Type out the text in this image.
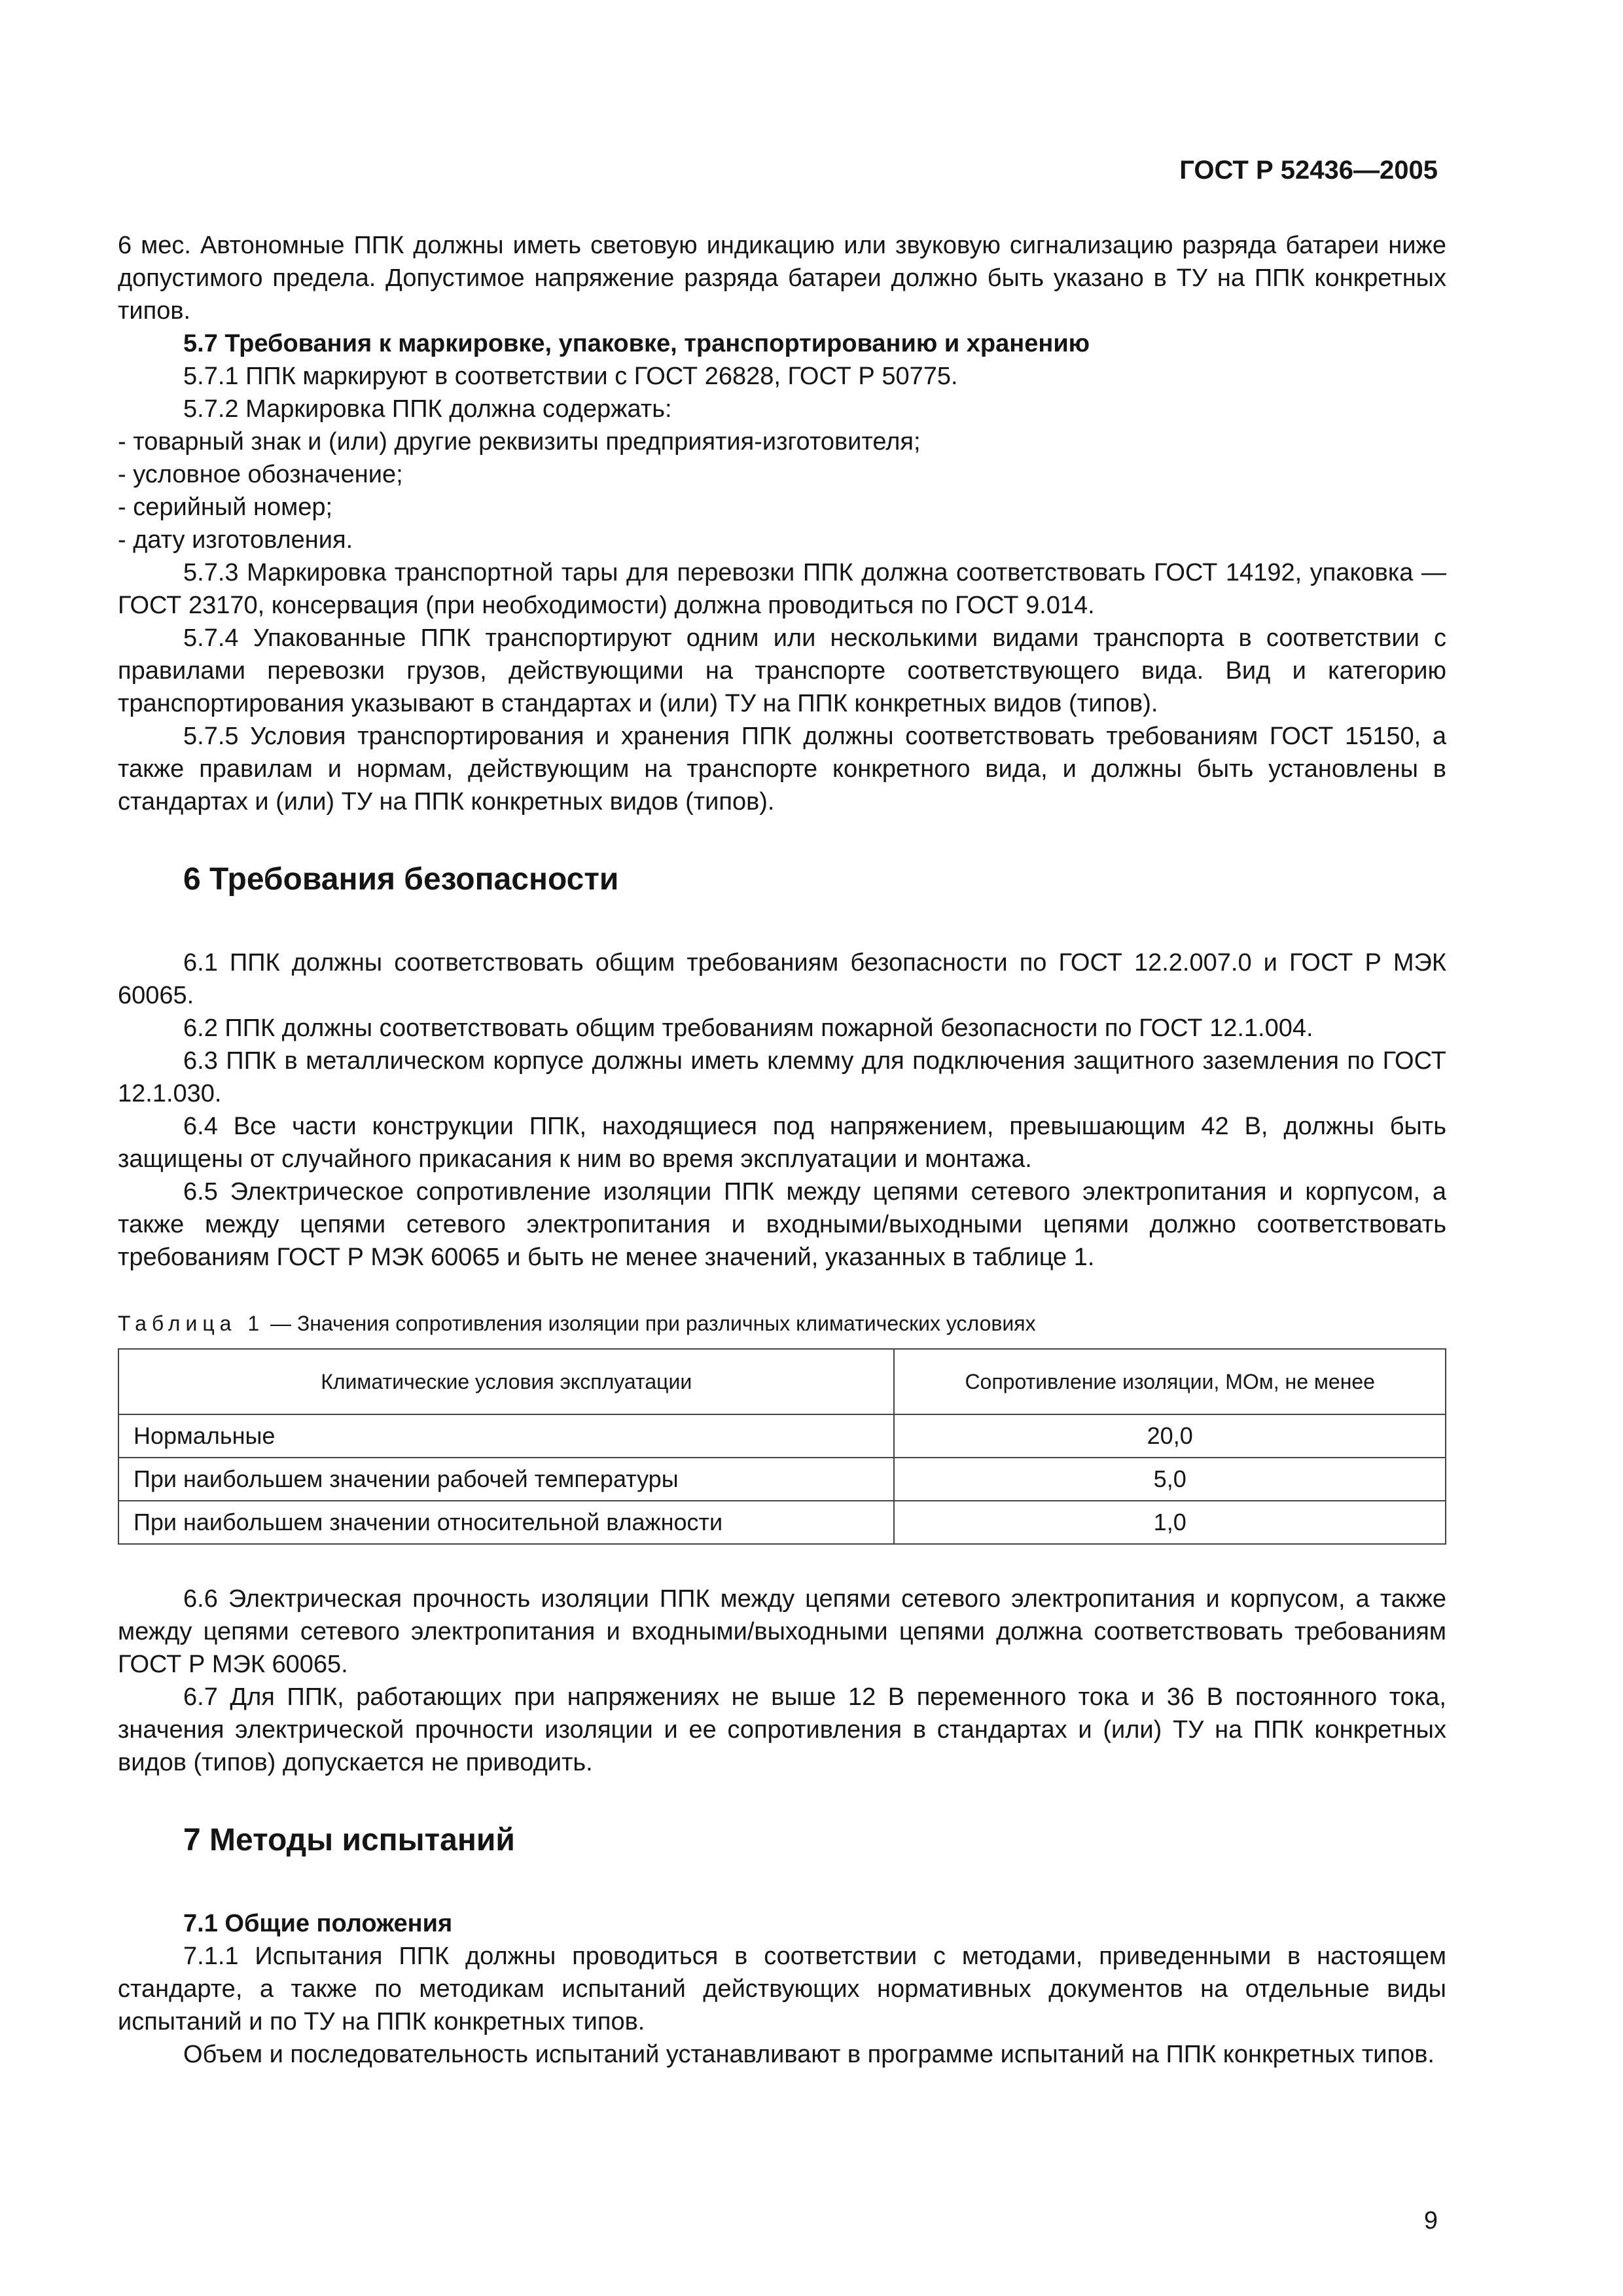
ГОСТ Р 52436—2005

6 мес. Автономные ППК должны иметь световую индикацию или звуковую сигнализацию разряда батареи ниже допустимого предела. Допустимое напряжение разряда батареи должно быть указано в ТУ на ППК конкретных типов.

5.7 Требования к маркировке, упаковке, транспортированию и хранению

5.7.1 ППК маркируют в соответствии с ГОСТ 26828, ГОСТ Р 50775.

5.7.2 Маркировка ППК должна содержать:

- товарный знак и (или) другие реквизиты предприятия-изготовителя;

- условное обозначение;

- серийный номер;

- дату изготовления.

5.7.3 Маркировка транспортной тары для перевозки ППК должна соответствовать ГОСТ 14192, упаковка — ГОСТ 23170, консервация (при необходимости) должна проводиться по ГОСТ 9.014.

5.7.4 Упакованные ППК транспортируют одним или несколькими видами транспорта в соответствии с правилами перевозки грузов, действующими на транспорте соответствующего вида. Вид и категорию транспортирования указывают в стандартах и (или) ТУ на ППК конкретных видов (типов).

5.7.5 Условия транспортирования и хранения ППК должны соответствовать требованиям ГОСТ 15150, а также правилам и нормам, действующим на транспорте конкретного вида, и должны быть установлены в стандартах и (или) ТУ на ППК конкретных видов (типов).

6 Требования безопасности

6.1 ППК должны соответствовать общим требованиям безопасности по ГОСТ 12.2.007.0 и ГОСТ Р МЭК 60065.

6.2 ППК должны соответствовать общим требованиям пожарной безопасности по ГОСТ 12.1.004.

6.3 ППК в металлическом корпусе должны иметь клемму для подключения защитного заземления по ГОСТ 12.1.030.

6.4 Все части конструкции ППК, находящиеся под напряжением, превышающим 42 В, должны быть защищены от случайного прикасания к ним во время эксплуатации и монтажа.

6.5 Электрическое сопротивление изоляции ППК между цепями сетевого электропитания и корпусом, а также между цепями сетевого электропитания и входными/выходными цепями должно соответствовать требованиям ГОСТ Р МЭК 60065 и быть не менее значений, указанных в таблице 1.

Таблица 1 — Значения сопротивления изоляции при различных климатических условиях
Климатические условия эксплуатации	Сопротивление изоляции, МОм, не менее
Нормальные	20,0
При наибольшем значении рабочей температуры	5,0
При наибольшем значении относительной влажности	1,0

6.6 Электрическая прочность изоляции ППК между цепями сетевого электропитания и корпусом, а также между цепями сетевого электропитания и входными/выходными цепями должна соответствовать требованиям ГОСТ Р МЭК 60065.

6.7 Для ППК, работающих при напряжениях не выше 12 В переменного тока и 36 В постоянного тока, значения электрической прочности изоляции и ее сопротивления в стандартах и (или) ТУ на ППК конкретных видов (типов) допускается не приводить.

7 Методы испытаний
7.1 Общие положения

7.1.1 Испытания ППК должны проводиться в соответствии с методами, приведенными в настоящем стандарте, а также по методикам испытаний действующих нормативных документов на отдельные виды испытаний и по ТУ на ППК конкретных типов.

Объем и последовательность испытаний устанавливают в программе испытаний на ППК конкретных типов.

9
